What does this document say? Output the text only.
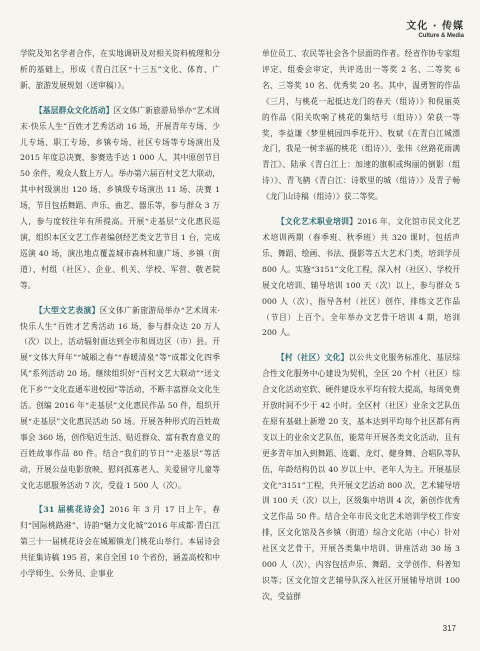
文化 · 传媒
Culture & Media

学院及知名学者合作，在实地调研及对相关资料梳理和分析的基础上，形成《青白江区“十三五”文化、体育、广新、旅游发展规划（送审稿）》。

【基层群众文化活动】区文体广新旅游局举办“艺术周末·快乐人生”百姓才艺秀活动 16 场，开展青年专场、少儿专场、职工专场、乡镇专场、社区专场等专场演出及 2015 年度总决赛，参赛选手达 1 000 人，其中原创节目 50 余件，观众人数上万人。举办第六届百村文艺大联动，其中村级演出 120 场、乡镇级专场演出 11 场、决赛 1 场，节目包括舞蹈、声乐、曲艺、器乐等，参与群众 3 万人，参与度较往年有所提高。开展“走基层”文化惠民巡演，组织本区文艺工作者编创经艺类文艺节目 1 台，完成巡演 40 场，演出地点覆盖城市森林和康广场、乡镇（街道）、村组（社区）、企业、机关、学校、军营、敬老院等。

【大型文艺表演】区文体广新旅游局举办“艺术周末·快乐人生”百姓才艺秀活动 16 场，参与群众达 20 万人（次）以上，活动辐射面达到全市和周边区（市）县。开展“文体大拜年”“城厢之春”“春暖清泉”等“成都文化四季风”系列活动 20 场。继续组织好“百村文艺大联动”“送文化下乡”“文化直通车进校园”等活动，不断丰富群众文化生活。创编 2016 年“走基层”文化惠民作品 50 件，组织开展“走基层”文化惠民活动 50 场。开展各种形式的百姓故事会 360 场，创作贴近生活、贴近群众、富有教育意义的百姓故事作品 80 件。结合“我们的节日”“走基层”等活动，开展公益电影放映、慰问孤寡老人、关爱留守儿童等文化志愿服务活动 7 次，受益 1 500 人（次）。

【31 届桃花诗会】2016 年 3 月 17 日上午，春归“国际桃路港”、诗韵“魅力文化城”2016 年成都·青白江第三十一届桃花诗会在城厢镇龙门桃花山举行。本届诗会共征集诗稿 195 首，来自全国 10 个省份，涵盖高校和中小学师生、公务员、企事业

单位员工、农民等社会各个层面的作者。经省作协专家组评定、组委会审定，共评选出一等奖 2 名、二等奖 6 名、三等奖 10 名、优秀奖 20 名。其中，温勇智的作品《三月，与桃花一起抵达龙门的春天（组诗）》和倪丽英的作品《阳关吹响了桃花的集结号（组诗）》荣获一等奖，李益谦《梦里桃园四季花开》、牧斌《在青白江城漂龙门，我是一树幸福的桃花（组诗）》、张伟《丝路花雨满青江》、陆承《青白江上：加速的旗帜或绚丽的倒影（组诗）》、青飞鹤《青白江：诗歌里的城（组诗）》及青子畅《龙门山诗稿（组诗）》获二等奖。

【文化艺术职业培训】2016 年，文化馆市民文化艺术培训两期（春季班、秋季班）共 320 课时，包括声乐、舞蹈、绘画、书法、摄影等五大艺术门类，培训学员 800 人。实施“3151”文化工程，深入村（社区）、学校开展文化培训、辅导培训 100 天（次）以上，参与群众 5 000 人（次），指导各村（社区）创作、排练文艺作品（节目）上百个。全年举办文艺骨干培训 4 期，培训 200 人。

【村（社区）文化】以公共文化服务标准化、基层综合性文化服务中心建设为契机，全区 20 个村（社区）综合文化活动室软、硬件建设水平均有较大提高，每周免费开放时间不少于 42 小时。全区村（社区）业余文艺队伍在原有基础上新增 20 支，基本达到平均每个社区都有两支以上的业余文艺队伍，能常年开展各类文化活动，且有更多青年加入到舞蹈、连霸、龙灯、健身舞、合唱队等队伍，年龄结构仍以 40 岁以上中、老年人为主。开展基层文化“3151”工程，共开展文艺活动 800 次，艺术辅导培训 100 天（次）以上，区级集中培训 4 次，新创作优秀文艺作品 50 件。结合全年市民文化艺术培训学校工作安排，区文化馆及各乡镇（街道）综合文化站（中心）针对社区文艺骨干，开展各类集中培训、讲座活动 30 场 3 000 人（次），内容包括声乐、舞蹈、文学创作、科普知识等；区文化馆文艺辅导队深入社区开展辅导培训 100 次，受益群

317
